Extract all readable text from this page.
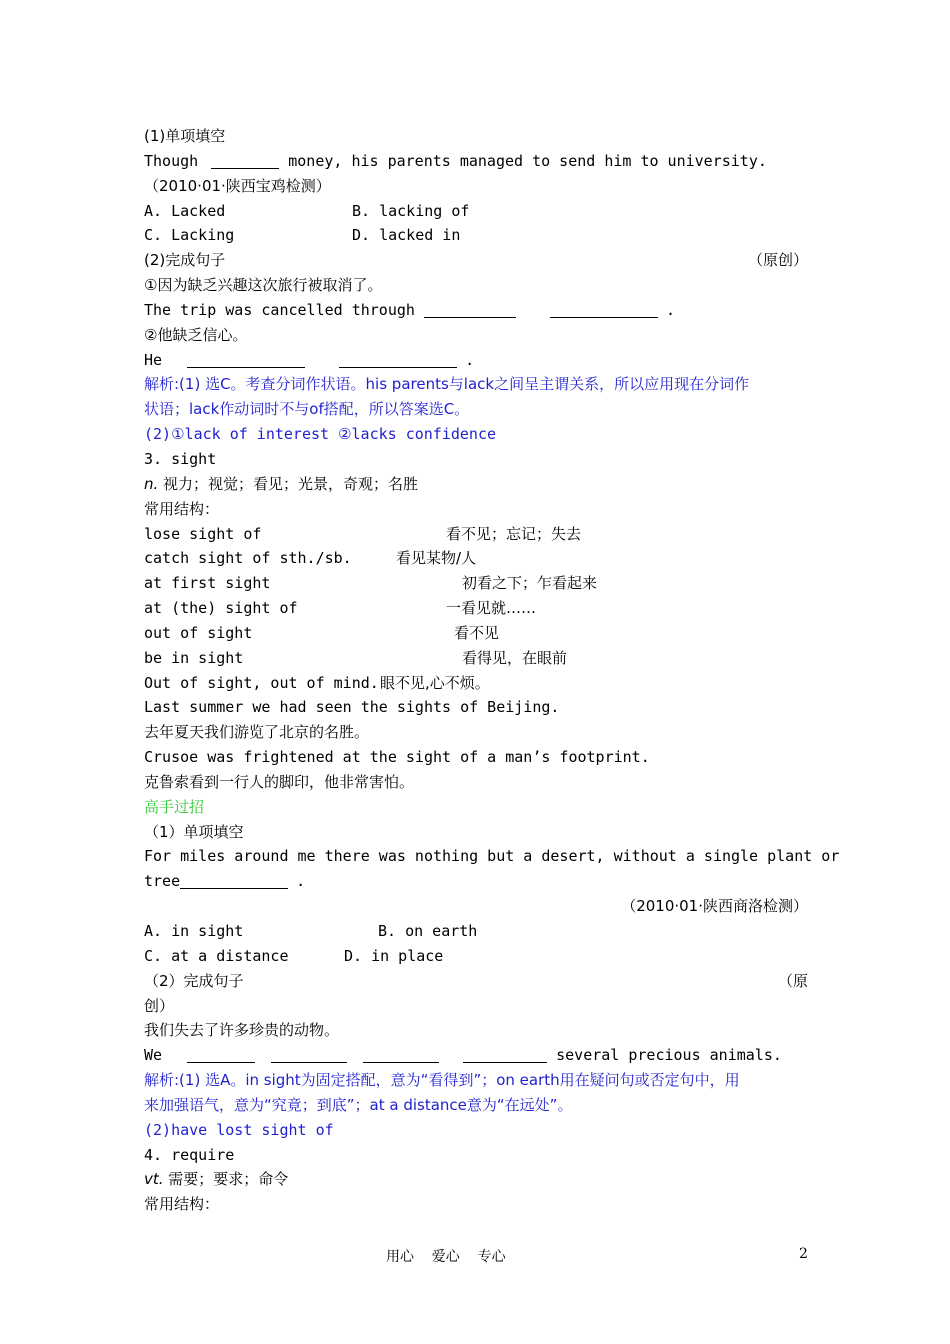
(1)单项填空
Though	money, his parents managed to send him to university.
（2010·01·陕西宝鸡检测）
A. Lacked	B. lacking of
C. Lacking	D. lacked in
(2)完成句子	（原创）
①因为缺乏兴趣这次旅行被取消了。
The trip was cancelled through	.
②他缺乏信心。
He	.
解析:(1) 选C。考查分词作状语。his parents与lack之间呈主谓关系，所以应用现在分词作
状语；lack作动词时不与of搭配，所以答案选C。
(2)①lack of interest ②lacks confidence
3. sight
n. 视力；视觉；看见；光景，奇观；名胜
常用结构：
lose sight of	看不见；忘记；失去
catch sight of sth./sb.	看见某物/人
at first sight	初看之下；乍看起来
at (the) sight of	一看见就……
out of sight	看不见
be in sight	看得见，在眼前
Out of sight, out of mind. 眼不见,心不烦。
Last summer we had seen the sights of Beijing.
去年夏天我们游览了北京的名胜。
Crusoe was frightened at the sight of a man’s footprint.
克鲁索看到一行人的脚印，他非常害怕。
高手过招
（1）单项填空
For miles around me there was nothing but a desert, without a single plant or
tree	.
（2010·01·陕西商洛检测）
A. in sight	B. on earth
C. at a distance	D. in place
（2）完成句子	（原
创）
我们失去了许多珍贵的动物。
We	several precious animals.
解析:(1) 选A。in sight为固定搭配，意为“看得到”；on earth用在疑问句或否定句中，用
来加强语气，意为“究竟；到底”；at a distance意为“在远处”。
(2)have lost sight of
4. require
vt. 需要；要求；命令
常用结构：
用心    爱心    专心	2
